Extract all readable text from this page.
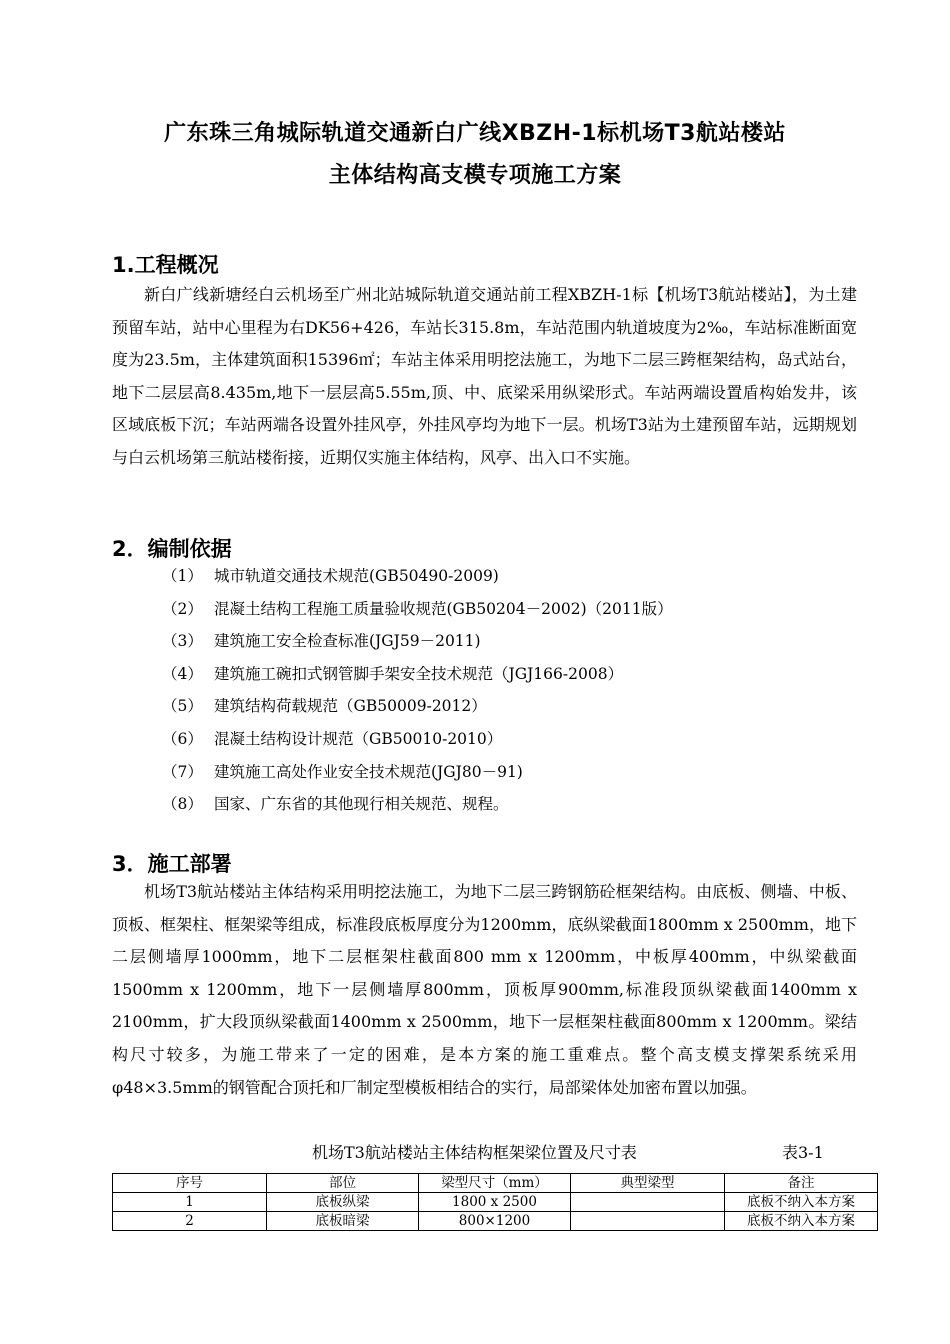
广东珠三角城际轨道交通新白广线XBZH-1标机场T3航站楼站
主体结构高支模专项施工方案
1.工程概况
新白广线新塘经白云机场至广州北站城际轨道交通站前工程XBZH-1标【机场T3航站楼站】，为土建预留车站，站中心里程为右DK56+426，车站长315.8m，车站范围内轨道坡度为2‰，车站标准断面宽度为23.5m，主体建筑面积15396㎡；车站主体采用明挖法施工，为地下二层三跨框架结构，岛式站台，地下二层层高8.435m,地下一层层高5.55m,顶、中、底梁采用纵梁形式。车站两端设置盾构始发井，该区域底板下沉；车站两端各设置外挂风亭，外挂风亭均为地下一层。机场T3站为土建预留车站，远期规划与白云机场第三航站楼衔接，近期仅实施主体结构，风亭、出入口不实施。
2．编制依据
（1） 城市轨道交通技术规范(GB50490-2009)
（2） 混凝土结构工程施工质量验收规范(GB50204－2002)（2011版）
（3） 建筑施工安全检查标准(JGJ59－2011)
（4） 建筑施工碗扣式钢管脚手架安全技术规范（JGJ166-2008）
（5） 建筑结构荷载规范（GB50009-2012）
（6） 混凝土结构设计规范（GB50010-2010）
（7） 建筑施工高处作业安全技术规范(JGJ80－91)
（8） 国家、广东省的其他现行相关规范、规程。
3．施工部署
机场T3航站楼站主体结构采用明挖法施工，为地下二层三跨钢筋砼框架结构。由底板、侧墙、中板、顶板、框架柱、框架梁等组成，标准段底板厚度分为1200mm，底纵梁截面1800mm x 2500mm，地下二层侧墙厚1000mm，地下二层框架柱截面800 mm x 1200mm，中板厚400mm，中纵梁截面1500mm x 1200mm，地下一层侧墙厚800mm，顶板厚900mm,标准段顶纵梁截面1400mm x 2100mm，扩大段顶纵梁截面1400mm x 2500mm，地下一层框架柱截面800mm x 1200mm。梁结构尺寸较多，为施工带来了一定的困难，是本方案的施工重难点。整个高支模支撑架系统采用φ48×3.5mm的钢管配合顶托和厂制定型模板相结合的实行，局部梁体处加密布置以加强。
机场T3航站楼站主体结构框架梁位置及尺寸表	表3-1
序号	部位	梁型尺寸（mm）	典型梁型	备注
1	底板纵梁	1800 x 2500		底板不纳入本方案
2	底板暗梁	800×1200		底板不纳入本方案
